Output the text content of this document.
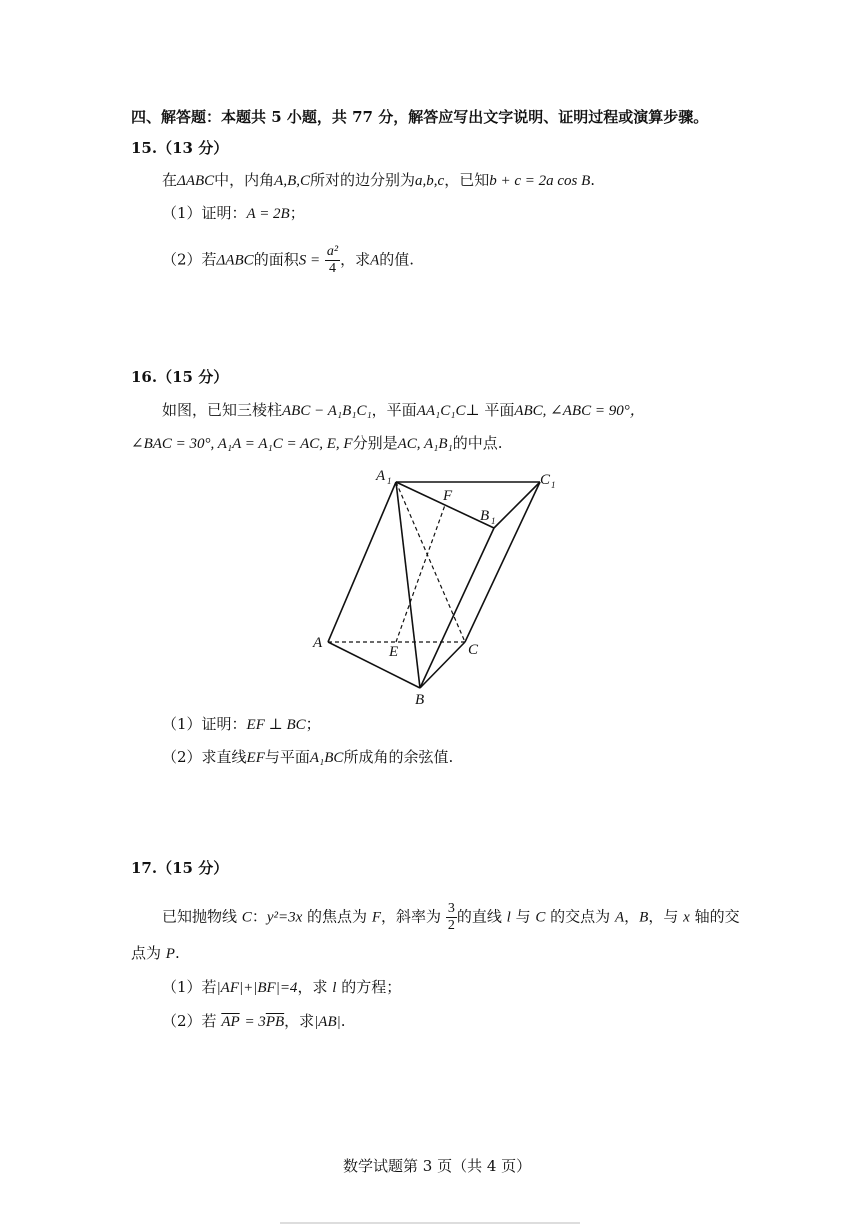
四、解答题：本题共 5 小题，共 77 分，解答应写出文字说明、证明过程或演算步骤。
15.（13 分）
在ΔABC中，内角A,B,C所对的边分别为a,b,c，已知b + c = 2a cos B.
（1）证明：A = 2B；
（2）若ΔABC的面积$S = \frac{\text{a²}}{4}$ ，求A的值.
16.（15 分）
如图，已知三棱柱ABC − A₁B₁C₁，平面AA₁C₁C⊥ 平面ABC, ∠ABC = 90°，
∠BAC = 30°, A₁A = A₁C = AC, E, F分别是AC, A₁B₁的中点.
A 1	C 1
F
B 1
A
E	C
B
（1）证明：EF ⊥ BC；
（2）求直线EF与平面A₁BC所成角的余弦值.
17.（15 分）
已知抛物线 C：y²=3x 的焦点为 F，斜率为 $\frac{3}{2}$ 的直线 l 与 C 的交点为 A，B，与 x 轴的交
点为 P.
（1）若|AF|+|BF|=4，求 l 的方程；
（2）若 $\overline{AP} = 3\overline{PB}$，求|AB|.
数学试题第 3 页（共 4 页）
